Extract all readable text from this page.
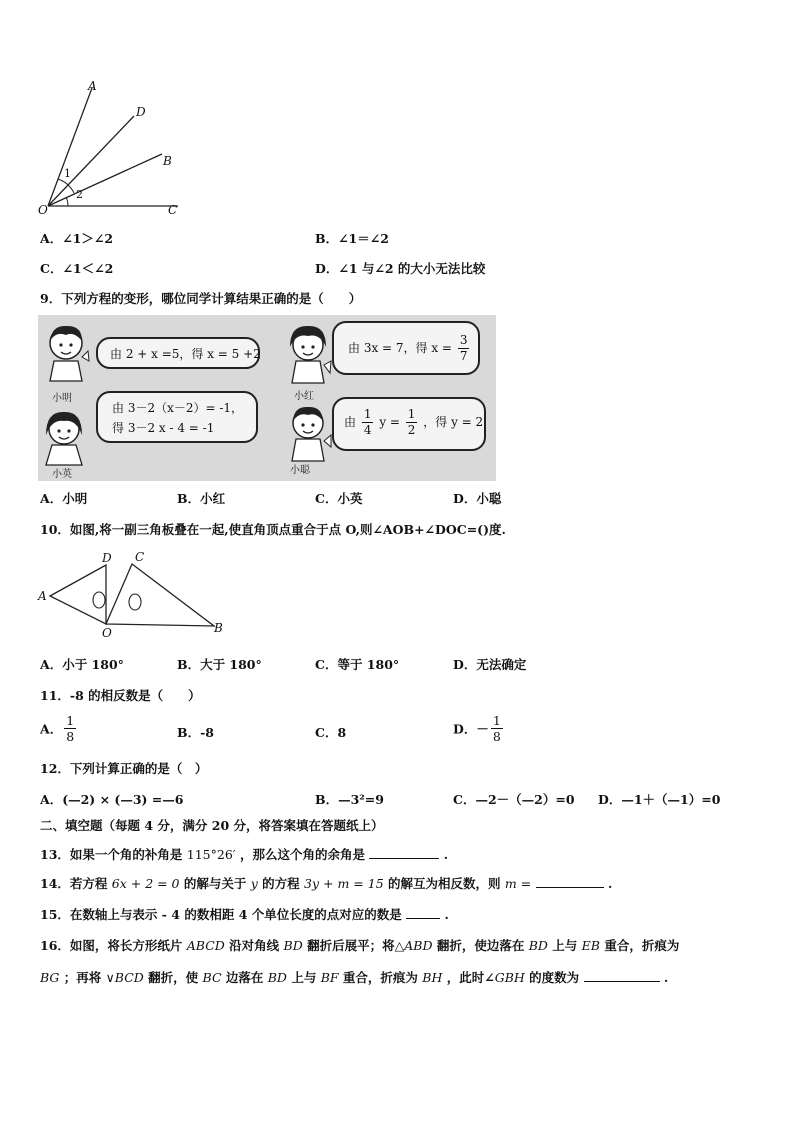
A
D
B
O	C
1
2
A．∠1＞∠2	B．∠1＝∠2
C．∠1＜∠2	D．∠1 与∠2 的大小无法比较
9．下列方程的变形，哪位同学计算结果正确的是（　　）
小明
由 2 + x =5，得 x = 5 +2
小红
由 3x = 7，得 $x = \frac{3}{7}$
小英
由 3－2（x－2）= -1，
得 3－2 x - 4 = -1
小聪
由 $\frac{1}{4}$ $y = \frac{1}{2}$ ，得 y = 2
A．小明	B．小红	C．小英	D．小聪
10．如图,将一副三角板叠在一起,使直角顶点重合于点 O,则∠AOB+∠DOC=()度.
D C
A
O	B
A．小于 180°	B．大于 180°	C．等于 180°	D．无法确定
11．-8 的相反数是（　　）
A． $\frac{1}{8}$	B．-8	C．8	D．－ $\frac{1}{8}$
12．下列计算正确的是（　）
A．(—2) × (—3) =—6	B．—3²=9	C．—2－（—2）=0 D．—1＋（—1）=0
二、填空题（每题 4 分，满分 20 分，将答案填在答题纸上）
13．如果一个角的补角是 115°26′ ，那么这个角的余角是	.
14．若方程 6x + 2 = 0 的解与关于 y 的方程 3y + m = 15 的解互为相反数，则 m =	.
15．在数轴上与表示 - 4 的数相距 4 个单位长度的点对应的数是	.
16．如图，将长方形纸片 ABCD 沿对角线 BD 翻折后展平；将△ABD 翻折，使边落在 BD 上与 EB 重合，折痕为
BG ；再将 ∨BCD 翻折，使 BC 边落在 BD 上与 BF 重合，折痕为 BH ，此时∠GBH 的度数为	.
